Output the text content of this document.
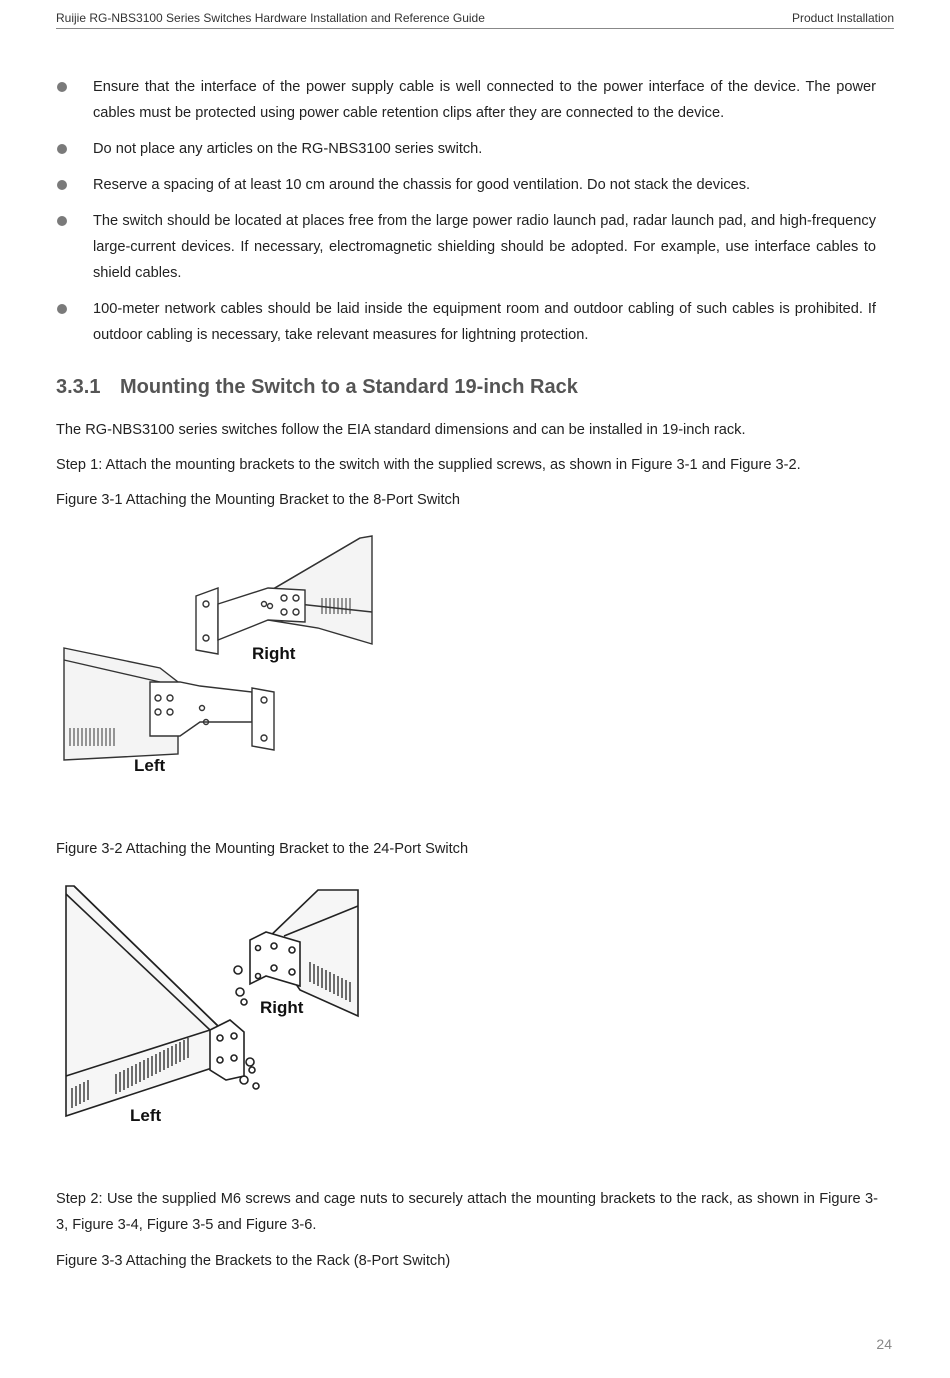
Ruijie RG-NBS3100 Series Switches Hardware Installation and Reference Guide	Product Installation
Ensure that the interface of the power supply cable is well connected to the power interface of the device. The power cables must be protected using power cable retention clips after they are connected to the device.
Do not place any articles on the RG-NBS3100 series switch.
Reserve a spacing of at least 10 cm around the chassis for good ventilation. Do not stack the devices.
The switch should be located at places free from the large power radio launch pad, radar launch pad, and high-frequency large-current devices. If necessary, electromagnetic shielding should be adopted. For example, use interface cables to shield cables.
100-meter network cables should be laid inside the equipment room and outdoor cabling of such cables is prohibited. If outdoor cabling is necessary, take relevant measures for lightning protection.
3.3.1 Mounting the Switch to a Standard 19-inch Rack
The RG-NBS3100 series switches follow the EIA standard dimensions and can be installed in 19-inch rack.
Step 1: Attach the mounting brackets to the switch with the supplied screws, as shown in Figure 3-1 and Figure 3-2.
Figure 3-1 Attaching the Mounting Bracket to the 8-Port Switch
Right
Left
Figure 3-2 Attaching the Mounting Bracket to the 24-Port Switch
Right
Left
Step 2: Use the supplied M6 screws and cage nuts to securely attach the mounting brackets to the rack, as shown in Figure 3-3, Figure 3-4, Figure 3-5 and Figure 3-6.
Figure 3-3 Attaching the Brackets to the Rack (8-Port Switch)
24
